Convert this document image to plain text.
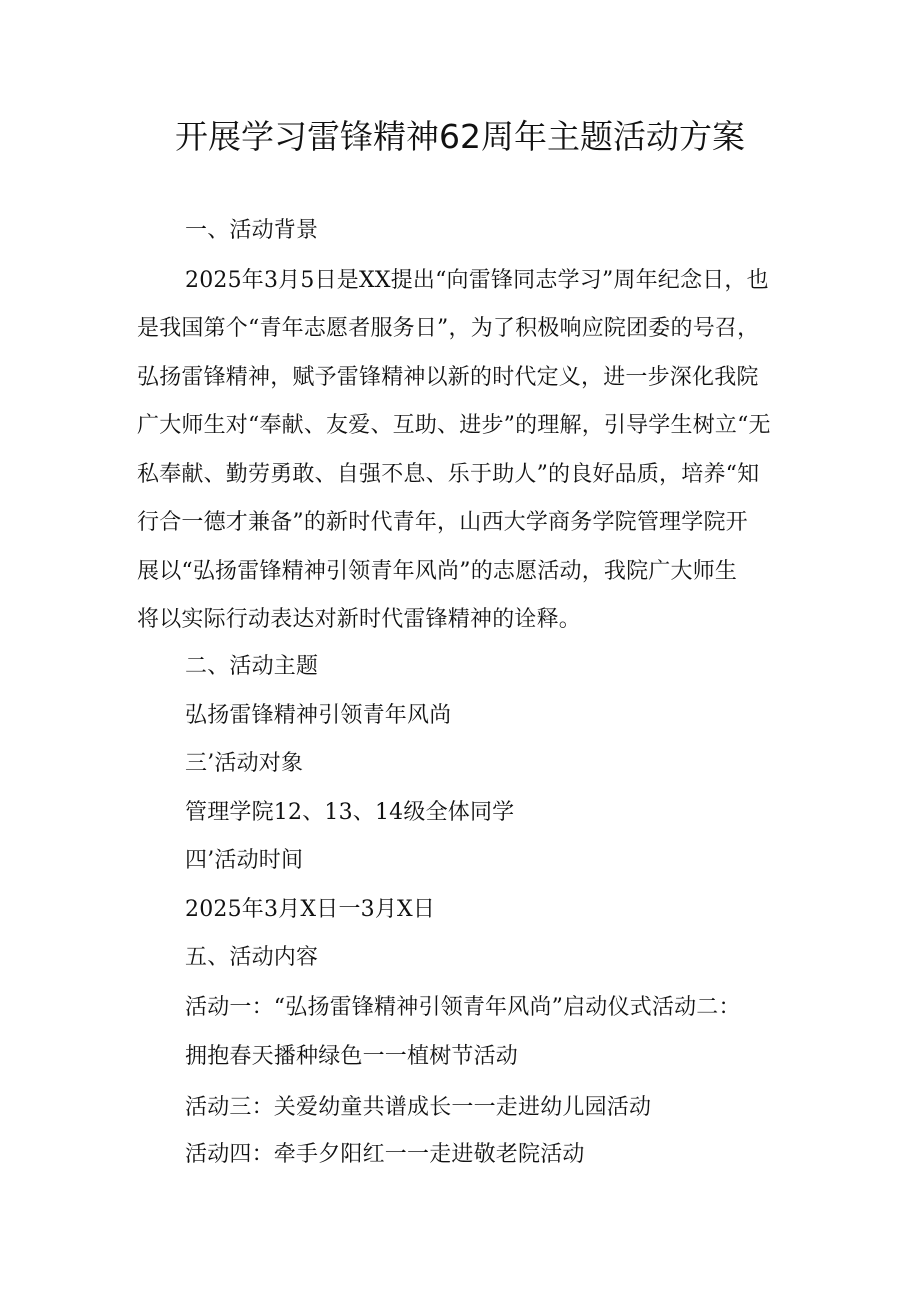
开展学习雷锋精神62周年主题活动方案
一、活动背景
2025年3月5日是XX提出“向雷锋同志学习”周年纪念日，也
是我国第个“青年志愿者服务日”，为了积极响应院团委的号召，
弘扬雷锋精神，赋予雷锋精神以新的时代定义，进一步深化我院
广大师生对“奉献、友爱、互助、进步”的理解，引导学生树立“无
私奉献、勤劳勇敢、自强不息、乐于助人”的良好品质，培养“知
行合一德才兼备”的新时代青年，山西大学商务学院管理学院开
展以“弘扬雷锋精神引领青年风尚”的志愿活动，我院广大师生
将以实际行动表达对新时代雷锋精神的诠释。
二、活动主题
弘扬雷锋精神引领青年风尚
三’活动对象
管理学院12、13、14级全体同学
四’活动时间
2025年3月X日一3月X日
五、活动内容
活动一：“弘扬雷锋精神引领青年风尚”启动仪式活动二：
拥抱春天播种绿色一一植树节活动
活动三：关爱幼童共谱成长一一走进幼儿园活动
活动四：牵手夕阳红一一走进敬老院活动
